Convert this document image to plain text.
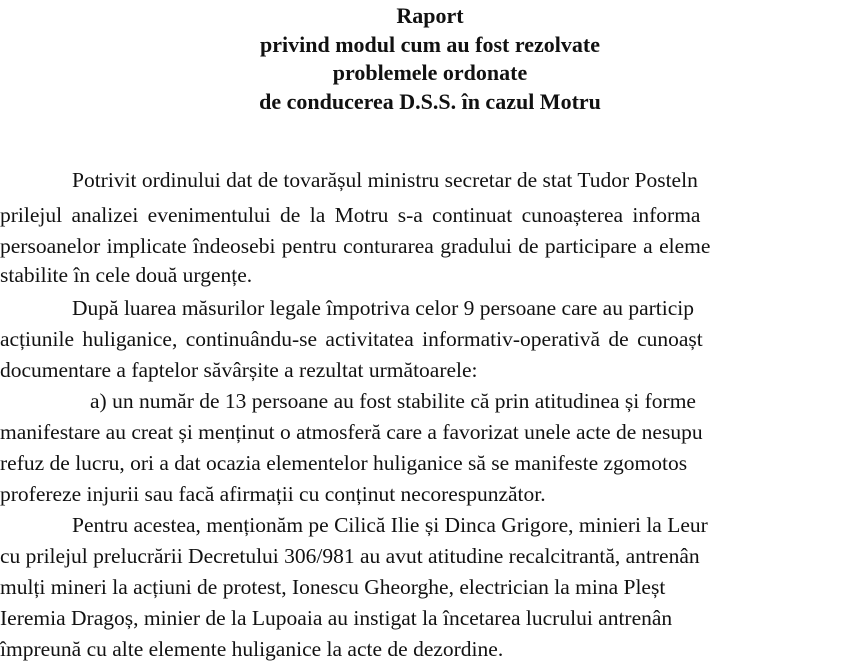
Raport
privind modul cum au fost rezolvate
problemele ordonate
de conducerea D.S.S. în cazul Motru
Potrivit ordinului dat de tovarășul ministru secretar de stat Tudor Posteln
prilejul analizei evenimentului de la Motru s-a continuat cunoașterea informa
persoanelor implicate îndeosebi pentru conturarea gradului de participare a eleme
stabilite în cele două urgențe.
După luarea măsurilor legale împotriva celor 9 persoane care au particip
acțiunile huliganice, continuându-se activitatea informativ-operativă de cunoașt
documentare a faptelor săvârșite a rezultat următoarele:
a) un număr de 13 persoane au fost stabilite că prin atitudinea și forme
manifestare au creat și menținut o atmosferă care a favorizat unele acte de nesupu
refuz de lucru, ori a dat ocazia elementelor huliganice să se manifeste zgomotos
profereze injurii sau facă afirmații cu conținut necorespunzător.
Pentru acestea, menționăm pe Cilică Ilie și Dinca Grigore, minieri la Leur
cu prilejul prelucrării Decretului 306/981 au avut atitudine recalcitrantă, antrenân
mulți mineri la acțiuni de protest, Ionescu Gheorghe, electrician la mina Pleșt
Ieremia Dragoș, minier de la Lupoaia au instigat la încetarea lucrului antrenân
împreună cu alte elemente huliganice la acte de dezordine.
